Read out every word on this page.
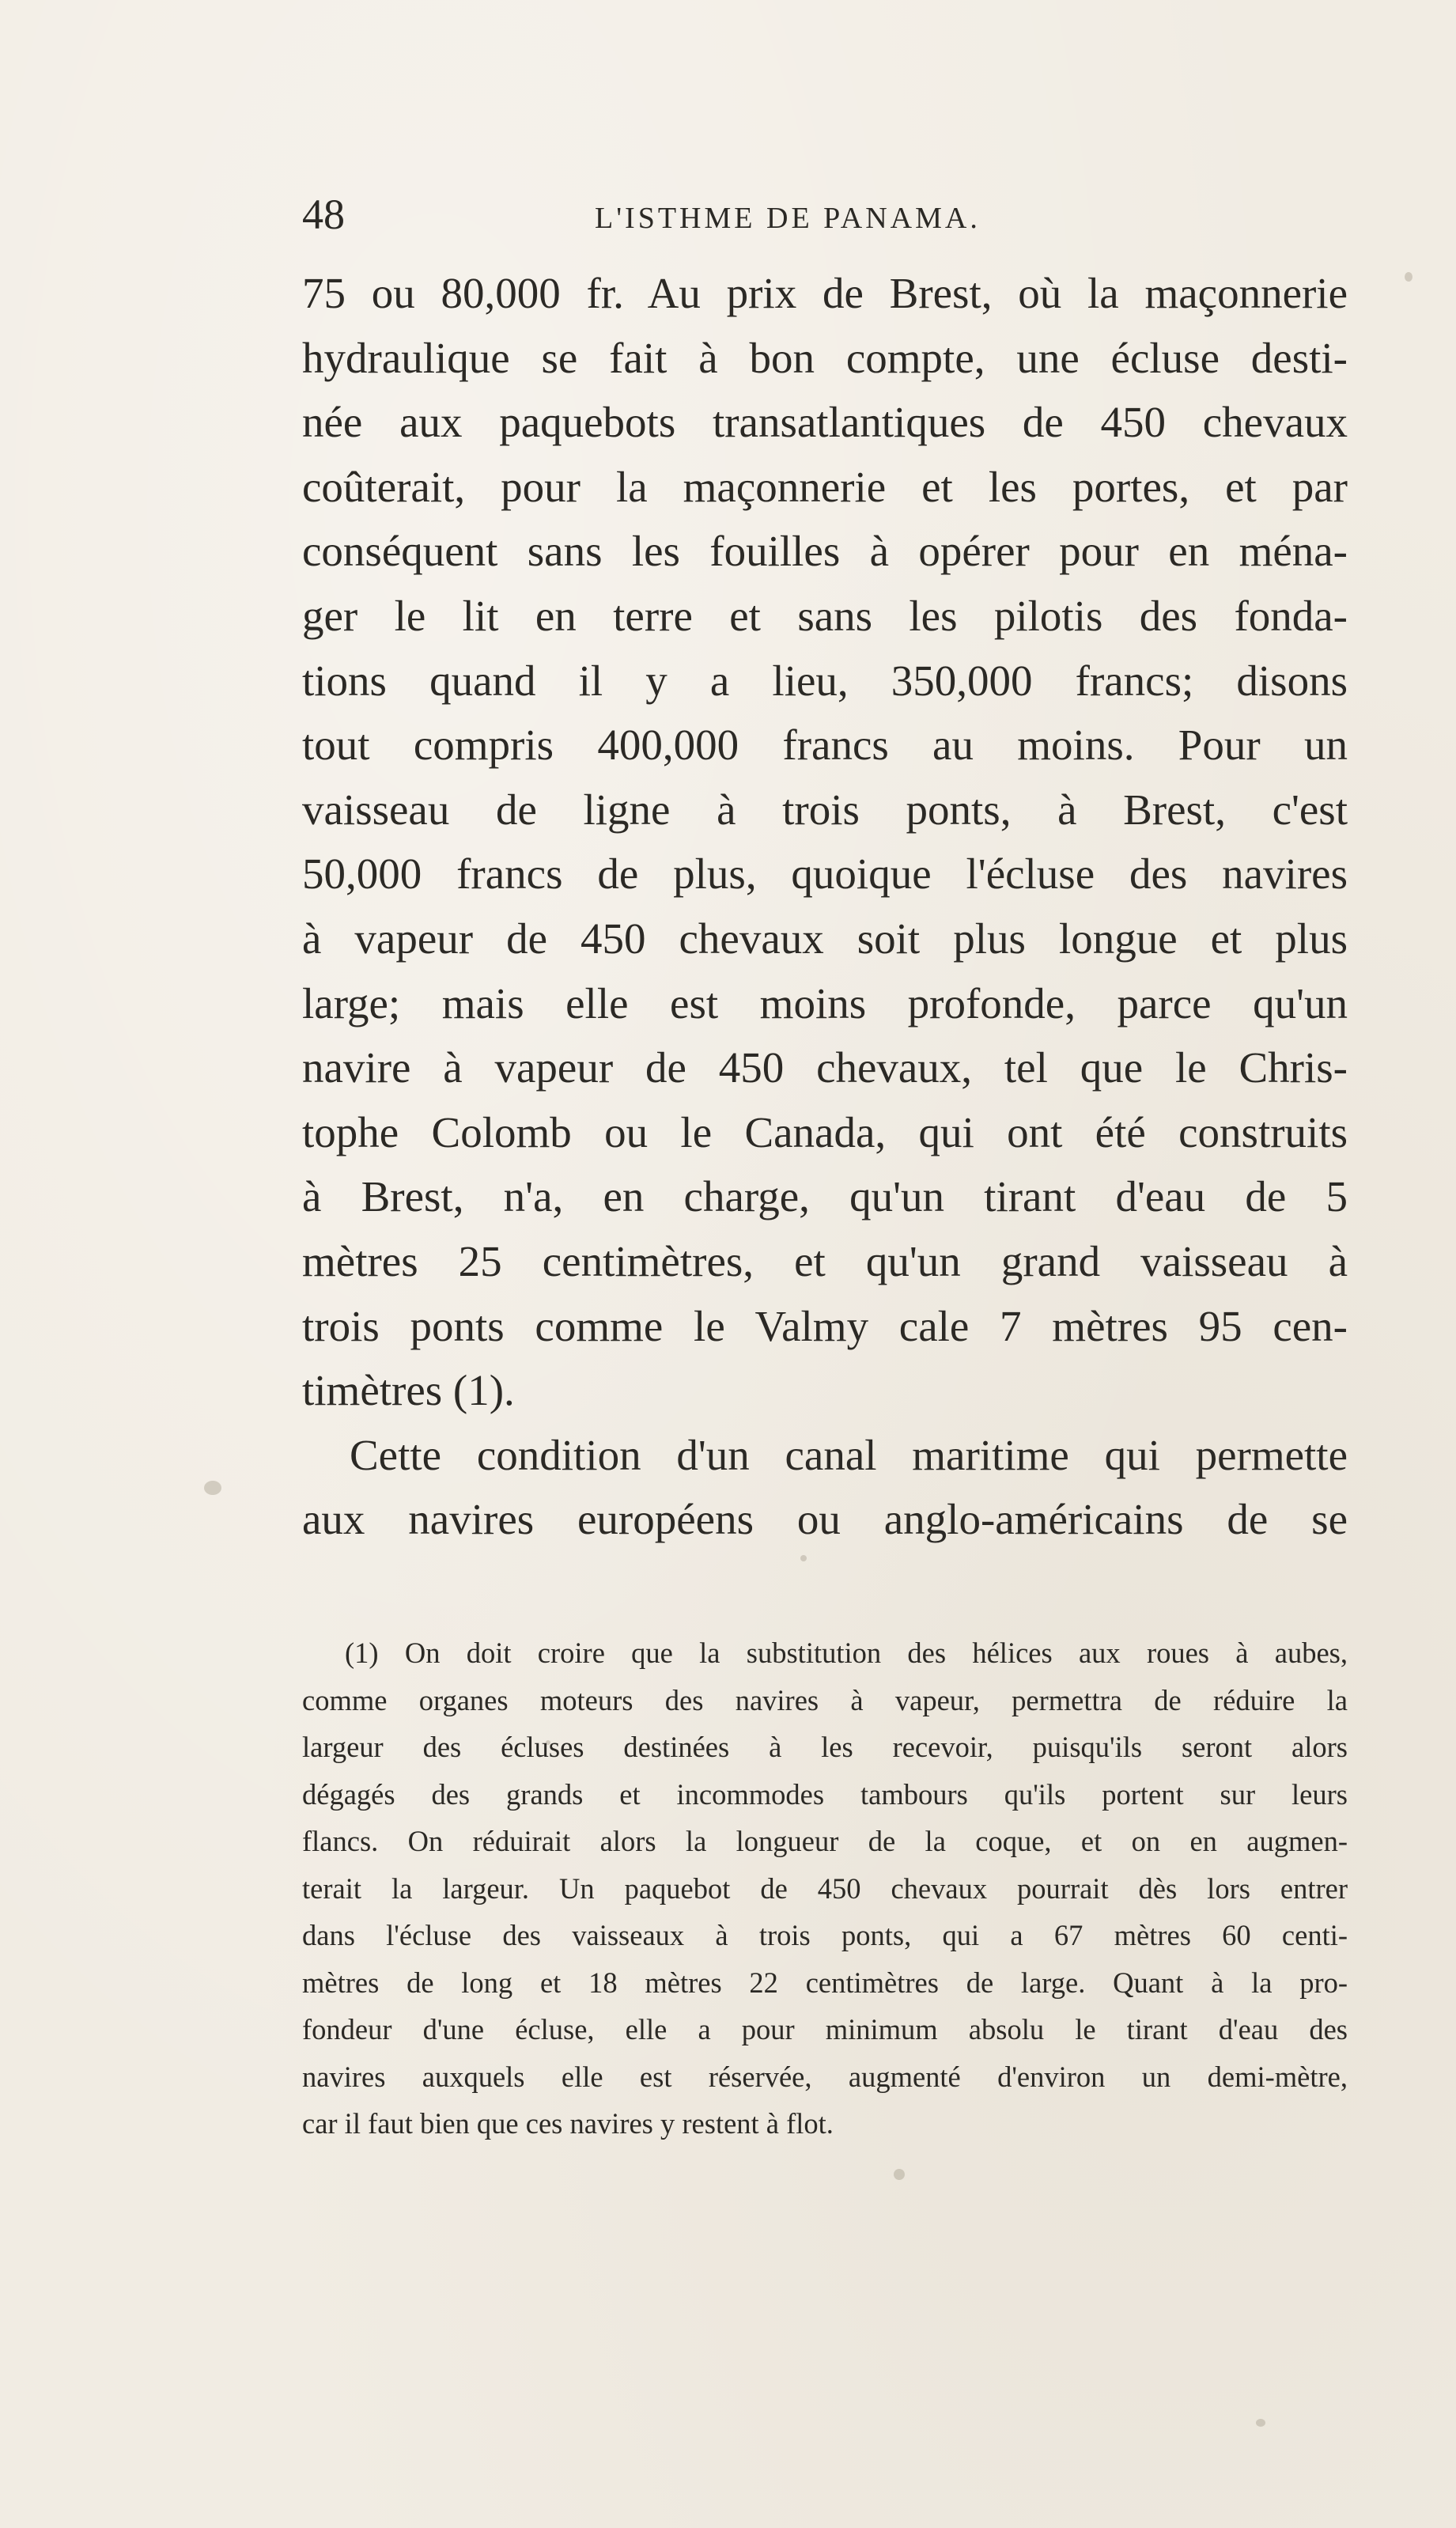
48	L'ISTHME DE PANAMA.
75 ou 80,000 fr. Au prix de Brest, où la maçonnerie
hydraulique se fait à bon compte, une écluse desti-
née aux paquebots transatlantiques de 450 chevaux
coûterait, pour la maçonnerie et les portes, et par
conséquent sans les fouilles à opérer pour en ména-
ger le lit en terre et sans les pilotis des fonda-
tions quand il y a lieu, 350,000 francs; disons
tout compris 400,000 francs au moins. Pour un
vaisseau de ligne à trois ponts, à Brest, c'est
50,000 francs de plus, quoique l'écluse des navires
à vapeur de 450 chevaux soit plus longue et plus
large; mais elle est moins profonde, parce qu'un
navire à vapeur de 450 chevaux, tel que le Chris-
tophe Colomb ou le Canada, qui ont été construits
à Brest, n'a, en charge, qu'un tirant d'eau de 5
mètres 25 centimètres, et qu'un grand vaisseau à
trois ponts comme le Valmy cale 7 mètres 95 cen-
timètres (1).
Cette condition d'un canal maritime qui permette
aux navires européens ou anglo-américains de se
(1) On doit croire que la substitution des hélices aux roues à aubes,
comme organes moteurs des navires à vapeur, permettra de réduire la
largeur des écluses destinées à les recevoir, puisqu'ils seront alors
dégagés des grands et incommodes tambours qu'ils portent sur leurs
flancs. On réduirait alors la longueur de la coque, et on en augmen-
terait la largeur. Un paquebot de 450 chevaux pourrait dès lors entrer
dans l'écluse des vaisseaux à trois ponts, qui a 67 mètres 60 centi-
mètres de long et 18 mètres 22 centimètres de large. Quant à la pro-
fondeur d'une écluse, elle a pour minimum absolu le tirant d'eau des
navires auxquels elle est réservée, augmenté d'environ un demi-mètre,
car il faut bien que ces navires y restent à flot.
